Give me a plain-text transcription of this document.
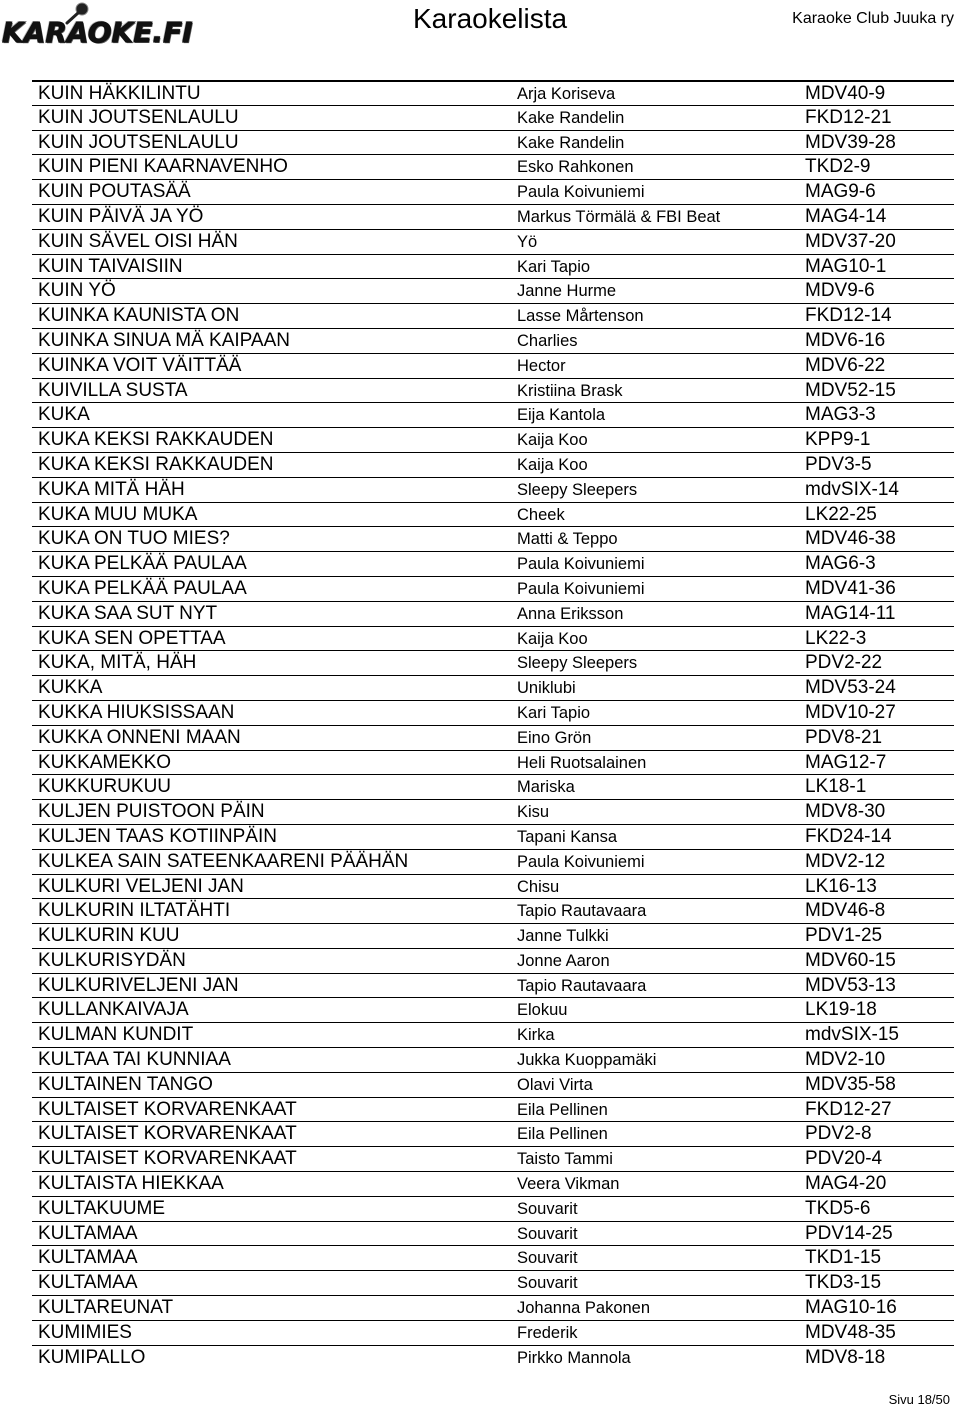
KARAOKE.FI	Karaokelista	Karaoke Club Juuka ry
KUIN HÄKKILINTU	Arja Koriseva	MDV40-9
KUIN JOUTSENLAULU	Kake Randelin	FKD12-21
KUIN JOUTSENLAULU	Kake Randelin	MDV39-28
KUIN PIENI KAARNAVENHO	Esko Rahkonen	TKD2-9
KUIN POUTASÄÄ	Paula Koivuniemi	MAG9-6
KUIN PÄIVÄ JA YÖ	Markus Törmälä & FBI Beat	MAG4-14
KUIN SÄVEL OISI HÄN	Yö	MDV37-20
KUIN TAIVAISIIN	Kari Tapio	MAG10-1
KUIN YÖ	Janne Hurme	MDV9-6
KUINKA KAUNISTA ON	Lasse Mårtenson	FKD12-14
KUINKA SINUA MÄ KAIPAAN	Charlies	MDV6-16
KUINKA VOIT VÄITTÄÄ	Hector	MDV6-22
KUIVILLA SUSTA	Kristiina Brask	MDV52-15
KUKA	Eija Kantola	MAG3-3
KUKA KEKSI RAKKAUDEN	Kaija Koo	KPP9-1
KUKA KEKSI RAKKAUDEN	Kaija Koo	PDV3-5
KUKA MITÄ HÄH	Sleepy Sleepers	mdvSIX-14
KUKA MUU MUKA	Cheek	LK22-25
KUKA ON TUO MIES?	Matti & Teppo	MDV46-38
KUKA PELKÄÄ PAULAA	Paula Koivuniemi	MAG6-3
KUKA PELKÄÄ PAULAA	Paula Koivuniemi	MDV41-36
KUKA SAA SUT NYT	Anna Eriksson	MAG14-11
KUKA SEN OPETTAA	Kaija Koo	LK22-3
KUKA, MITÄ, HÄH	Sleepy Sleepers	PDV2-22
KUKKA	Uniklubi	MDV53-24
KUKKA HIUKSISSAAN	Kari Tapio	MDV10-27
KUKKA ONNENI MAAN	Eino Grön	PDV8-21
KUKKAMEKKO	Heli Ruotsalainen	MAG12-7
KUKKURUKUU	Mariska	LK18-1
KULJEN PUISTOON PÄIN	Kisu	MDV8-30
KULJEN TAAS KOTIINPÄIN	Tapani Kansa	FKD24-14
KULKEA SAIN SATEENKAARENI PÄÄHÄN	Paula Koivuniemi	MDV2-12
KULKURI VELJENI JAN	Chisu	LK16-13
KULKURIN ILTATÄHTI	Tapio Rautavaara	MDV46-8
KULKURIN KUU	Janne Tulkki	PDV1-25
KULKURISYDÄN	Jonne Aaron	MDV60-15
KULKURIVELJENI JAN	Tapio Rautavaara	MDV53-13
KULLANKAIVAJA	Elokuu	LK19-18
KULMAN KUNDIT	Kirka	mdvSIX-15
KULTAA TAI KUNNIAA	Jukka Kuoppamäki	MDV2-10
KULTAINEN TANGO	Olavi Virta	MDV35-58
KULTAISET KORVARENKAAT	Eila Pellinen	FKD12-27
KULTAISET KORVARENKAAT	Eila Pellinen	PDV2-8
KULTAISET KORVARENKAAT	Taisto Tammi	PDV20-4
KULTAISTA HIEKKAA	Veera Vikman	MAG4-20
KULTAKUUME	Souvarit	TKD5-6
KULTAMAA	Souvarit	PDV14-25
KULTAMAA	Souvarit	TKD1-15
KULTAMAA	Souvarit	TKD3-15
KULTAREUNAT	Johanna Pakonen	MAG10-16
KUMIMIES	Frederik	MDV48-35
KUMIPALLO	Pirkko Mannola	MDV8-18
Sivu 18/50
